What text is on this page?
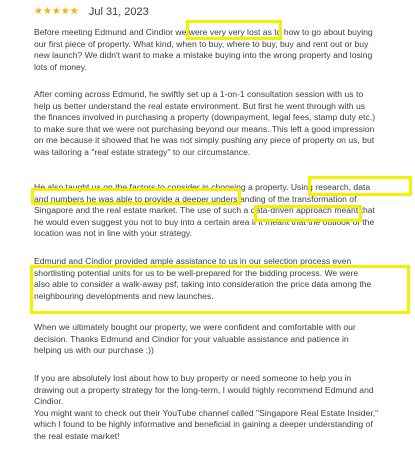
★★★★★ Jul 31, 2023

Before meeting Edmund and Cindior we were very very lost as to how to go about buying
our first piece of property. What kind, when to buy, where to buy, buy and rent out or buy
new launch? We didn't want to make a mistake buying into the wrong property and losing
lots of money.

After coming across Edmund, he swiftly set up a 1-on-1 consultation session with us to
help us better understand the real estate environment. But first he went through with us
the finances involved in purchasing a property (downpayment, legal fees, stamp duty etc.)
to make sure that we were not purchasing beyond our means. This left a good impression
on me because it showed that he was not simply pushing any piece of property on us, but
was tailoring a "real estate strategy" to our circumstance.

He also taught us on the factors to consider in choosing a property. Using research, data
and numbers he was able to provide a deeper understanding of the transformation of
Singapore and the real estate market. The use of such a data-driven approach meant that
he would even suggest you not to buy into a certain area if it meant that the outlook of the
location was not in line with your strategy.

Edmund and Cindior provided ample assistance to us in our selection process even
shortlisting potential units for us to be well-prepared for the bidding process. We were
also able to consider a walk-away psf, taking into consideration the price data among the
neighbouring developments and new launches.

When we ultimately bought our property, we were confident and comfortable with our
decision. Thanks Edmund and Cindior for your valuable assistance and patience in
helping us with our purchase :))

If you are absolutely lost about how to buy property or need someone to help you in
drawing out a property strategy for the long-term, I would highly recommend Edmund and
Cindior.
You might want to check out their YouTube channel called "Singapore Real Estate Insider,"
which I found to be highly informative and beneficial in gaining a deeper understanding of
the real estate market!
